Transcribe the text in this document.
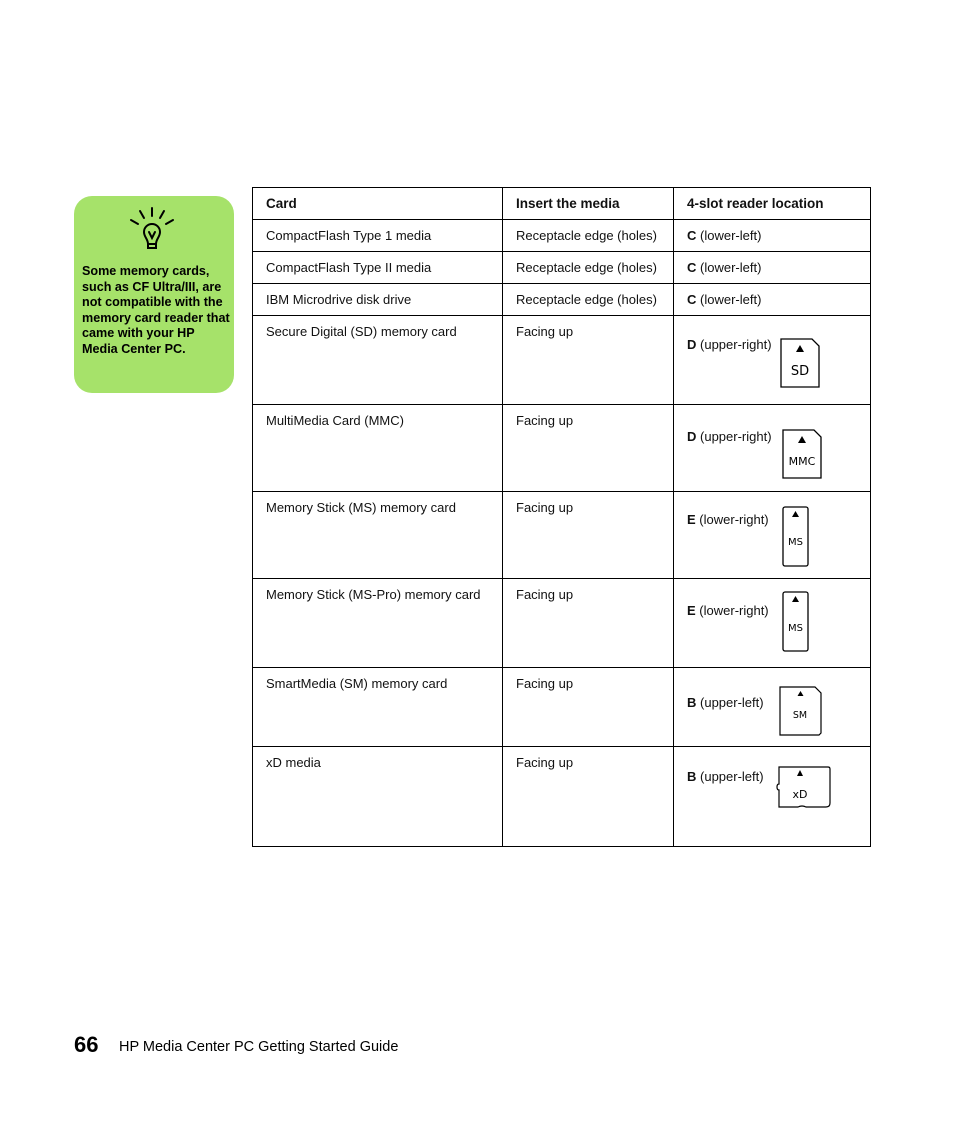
Some memory cards, such as CF Ultra/III, are not compatible with the memory card reader that came with your HP Media Center PC.
Card	Insert the media	4-slot reader location
CompactFlash Type 1 media	Receptacle edge (holes)	C (lower-left)
CompactFlash Type II media	Receptacle edge (holes)	C (lower-left)
IBM Microdrive disk drive	Receptacle edge (holes)	C (lower-left)
Secure Digital (SD) memory card	Facing up	D (upper-right)
SD

MultiMedia Card (MMC)	Facing up	D (upper-right)
MMC

Memory Stick (MS) memory card	Facing up	E (lower-right)
MS

Memory Stick (MS-Pro) memory card	Facing up	E (lower-right)
MS

SmartMedia (SM) memory card	Facing up	B (upper-left)
SM

xD media	Facing up	B (upper-left)
xD
66 HP Media Center PC Getting Started Guide
